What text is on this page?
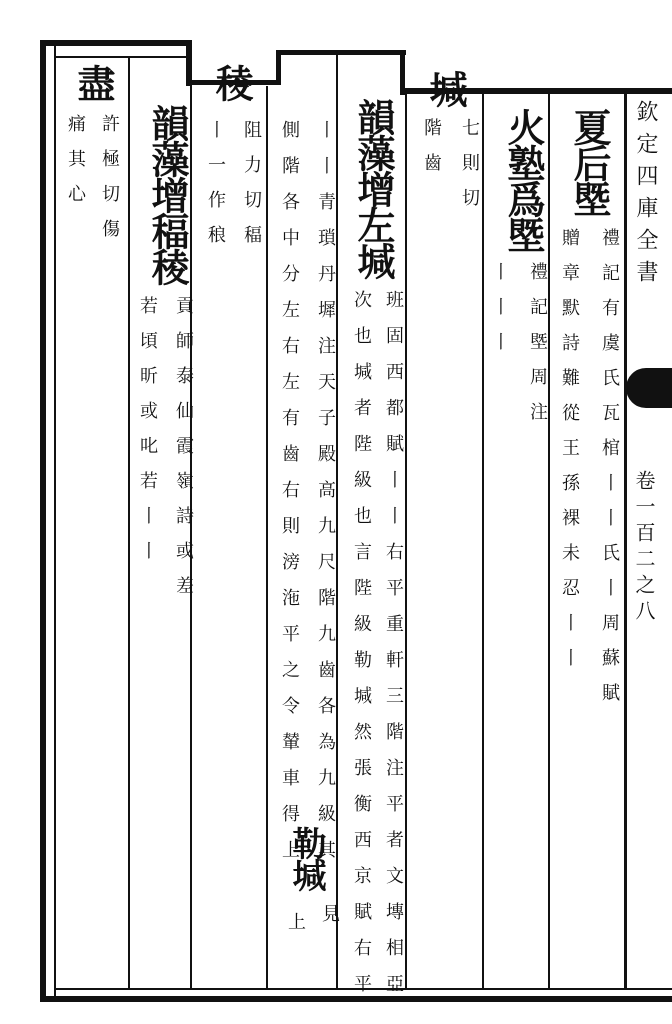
欽定四庫全書
卷一百二之八
夏后塈
禮記有虞氏瓦棺丨丨氏丨周蘇賦
贈章默詩難從王孫裸未忍丨丨
火塾爲塈
禮記塈周注
丨丨丨
堿
七則切
階齒
韻藻增左堿
班固西都賦丨丨右平重軒三階注平者文塼相亞
次也堿者陛級也言陛級勒堿然張衡西京賦右平
丨丨青瑣丹墀注天子殿高九尺階九齒各為九級其
側階各中分左右左有齒右則滂沲平之令輦車得上
勒堿
見
上
稜
阻力切稫
丨一作稂
韻藻增稫稜
貢師泰仙霞嶺詩或差
若頃昕或叱若丨丨
盡
許極切傷
痛其心
